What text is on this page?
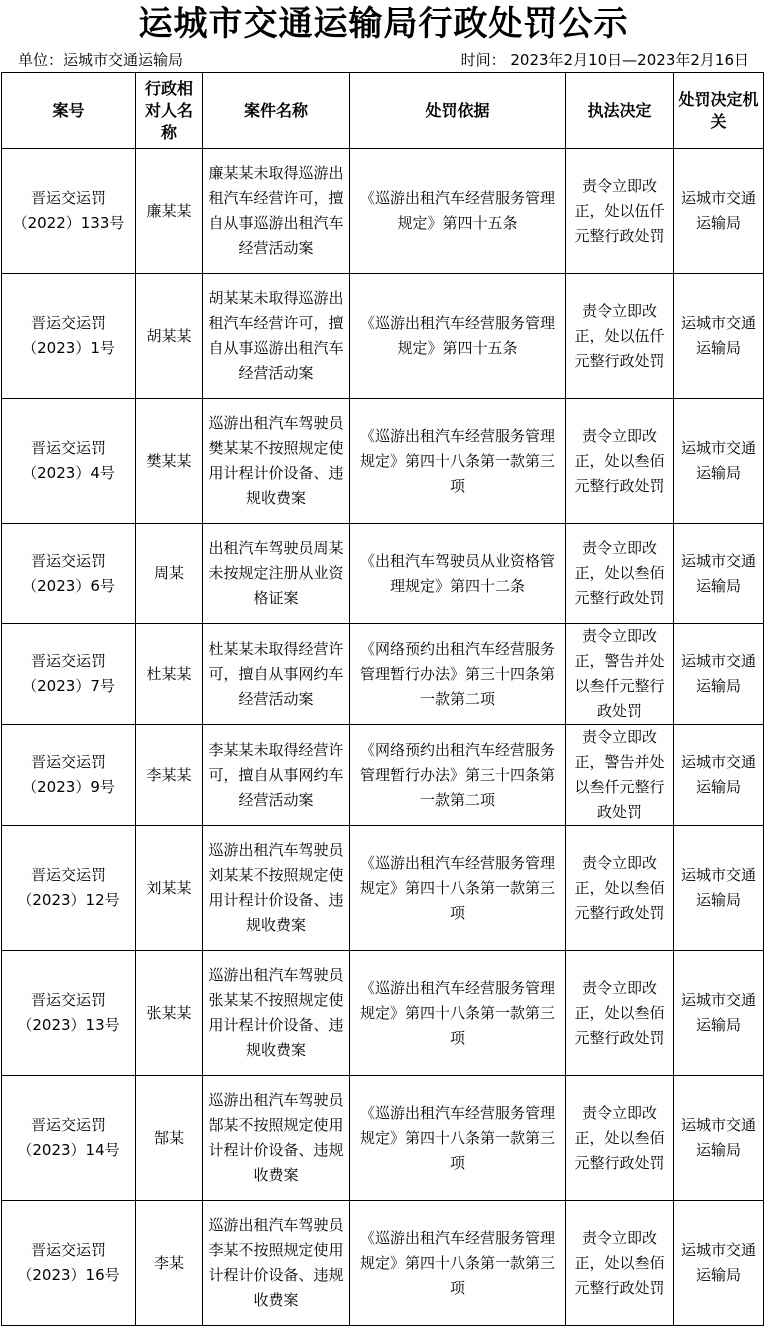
运城市交通运输局行政处罚公示
单位：运城市交通运输局	时间： 2023年2月10日—2023年2月16日
案号	行政相对人名称	案件名称	处罚依据	执法决定	处罚决定机关
晋运交运罚（2022）133号	廉某某	廉某某未取得巡游出租汽车经营许可，擅自从事巡游出租汽车经营活动案	《巡游出租汽车经营服务管理规定》第四十五条	责令立即改正，处以伍仟元整行政处罚	运城市交通运输局
晋运交运罚（2023）1号	胡某某	胡某某未取得巡游出租汽车经营许可，擅自从事巡游出租汽车经营活动案	《巡游出租汽车经营服务管理规定》第四十五条	责令立即改正，处以伍仟元整行政处罚	运城市交通运输局
晋运交运罚（2023）4号	樊某某	巡游出租汽车驾驶员樊某某不按照规定使用计程计价设备、违规收费案	《巡游出租汽车经营服务管理规定》第四十八条第一款第三项	责令立即改正，处以叁佰元整行政处罚	运城市交通运输局
晋运交运罚（2023）6号	周某	出租汽车驾驶员周某未按规定注册从业资格证案	《出租汽车驾驶员从业资格管理规定》第四十二条	责令立即改正，处以叁佰元整行政处罚	运城市交通运输局
晋运交运罚（2023）7号	杜某某	杜某某未取得经营许可，擅自从事网约车经营活动案	《网络预约出租汽车经营服务管理暂行办法》第三十四条第一款第二项	责令立即改正，警告并处以叁仟元整行政处罚	运城市交通运输局
晋运交运罚（2023）9号	李某某	李某某未取得经营许可，擅自从事网约车经营活动案	《网络预约出租汽车经营服务管理暂行办法》第三十四条第一款第二项	责令立即改正，警告并处以叁仟元整行政处罚	运城市交通运输局
晋运交运罚（2023）12号	刘某某	巡游出租汽车驾驶员刘某某不按照规定使用计程计价设备、违规收费案	《巡游出租汽车经营服务管理规定》第四十八条第一款第三项	责令立即改正，处以叁佰元整行政处罚	运城市交通运输局
晋运交运罚（2023）13号	张某某	巡游出租汽车驾驶员张某某不按照规定使用计程计价设备、违规收费案	《巡游出租汽车经营服务管理规定》第四十八条第一款第三项	责令立即改正，处以叁佰元整行政处罚	运城市交通运输局
晋运交运罚（2023）14号	郜某	巡游出租汽车驾驶员郜某不按照规定使用计程计价设备、违规收费案	《巡游出租汽车经营服务管理规定》第四十八条第一款第三项	责令立即改正，处以叁佰元整行政处罚	运城市交通运输局
晋运交运罚（2023）16号	李某	巡游出租汽车驾驶员李某不按照规定使用计程计价设备、违规收费案	《巡游出租汽车经营服务管理规定》第四十八条第一款第三项	责令立即改正，处以叁佰元整行政处罚	运城市交通运输局
